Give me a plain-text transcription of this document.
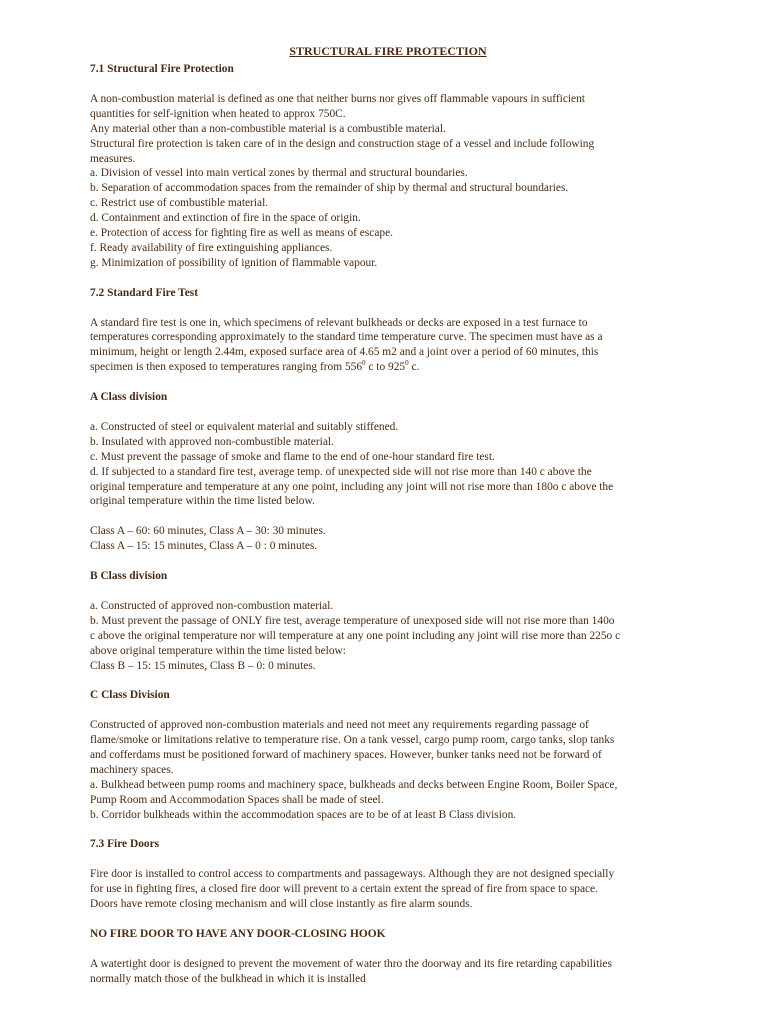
STRUCTURAL FIRE PROTECTION
7.1 Structural Fire Protection
A non-combustion material is defined as one that neither burns nor gives off flammable vapours in sufficient
quantities for self-ignition when heated to approx 750C.
Any material other than a non-combustible material is a combustible material.
Structural fire protection is taken care of in the design and construction stage of a vessel and include following
measures.
a. Division of vessel into main vertical zones by thermal and structural boundaries.
b. Separation of accommodation spaces from the remainder of ship by thermal and structural boundaries.
c. Restrict use of combustible material.
d. Containment and extinction of fire in the space of origin.
e. Protection of access for fighting fire as well as means of escape.
f. Ready availability of fire extinguishing appliances.
g. Minimization of possibility of ignition of flammable vapour.
7.2 Standard Fire Test
A standard fire test is one in, which specimens of relevant bulkheads or decks are exposed in a test furnace to
temperatures corresponding approximately to the standard time temperature curve. The specimen must have as a
minimum, height or length 2.44m, exposed surface area of 4.65 m2 and a joint over a period of 60 minutes, this
specimen is then exposed to temperatures ranging from $556^0$ c to $925^0$ c.
A Class division
a. Constructed of steel or equivalent material and suitably stiffened.
b. Insulated with approved non-combustible material.
c. Must prevent the passage of smoke and flame to the end of one-hour standard fire test.
d. If subjected to a standard fire test, average temp. of unexpected side will not rise more than 140 c above the
original temperature and temperature at any one point, including any joint will not rise more than 180o c above the
original temperature within the time listed below.
Class A – 60: 60 minutes, Class A – 30: 30 minutes.
Class A – 15: 15 minutes, Class A – 0 : 0 minutes.
B Class division
a. Constructed of approved non-combustion material.
b. Must prevent the passage of ONLY fire test, average temperature of unexposed side will not rise more than 140o
c above the original temperature nor will temperature at any one point including any joint will rise more than 225o c
above original temperature within the time listed below:
Class B – 15: 15 minutes, Class B – 0: 0 minutes.
C Class Division
Constructed of approved non-combustion materials and need not meet any requirements regarding passage of
flame/smoke or limitations relative to temperature rise. On a tank vessel, cargo pump room, cargo tanks, slop tanks
and cofferdams must be positioned forward of machinery spaces. However, bunker tanks need not be forward of
machinery spaces.
a. Bulkhead between pump rooms and machinery space, bulkheads and decks between Engine Room, Boiler Space,
Pump Room and Accommodation Spaces shall be made of steel.
b. Corridor bulkheads within the accommodation spaces are to be of at least B Class division.
7.3 Fire Doors
Fire door is installed to control access to compartments and passageways. Although they are not designed specially
for use in fighting fires, a closed fire door will prevent to a certain extent the spread of fire from space to space.
Doors have remote closing mechanism and will close instantly as fire alarm sounds.
NO FIRE DOOR TO HAVE ANY DOOR-CLOSING HOOK
A watertight door is designed to prevent the movement of water thro the doorway and its fire retarding capabilities
normally match those of the bulkhead in which it is installed
